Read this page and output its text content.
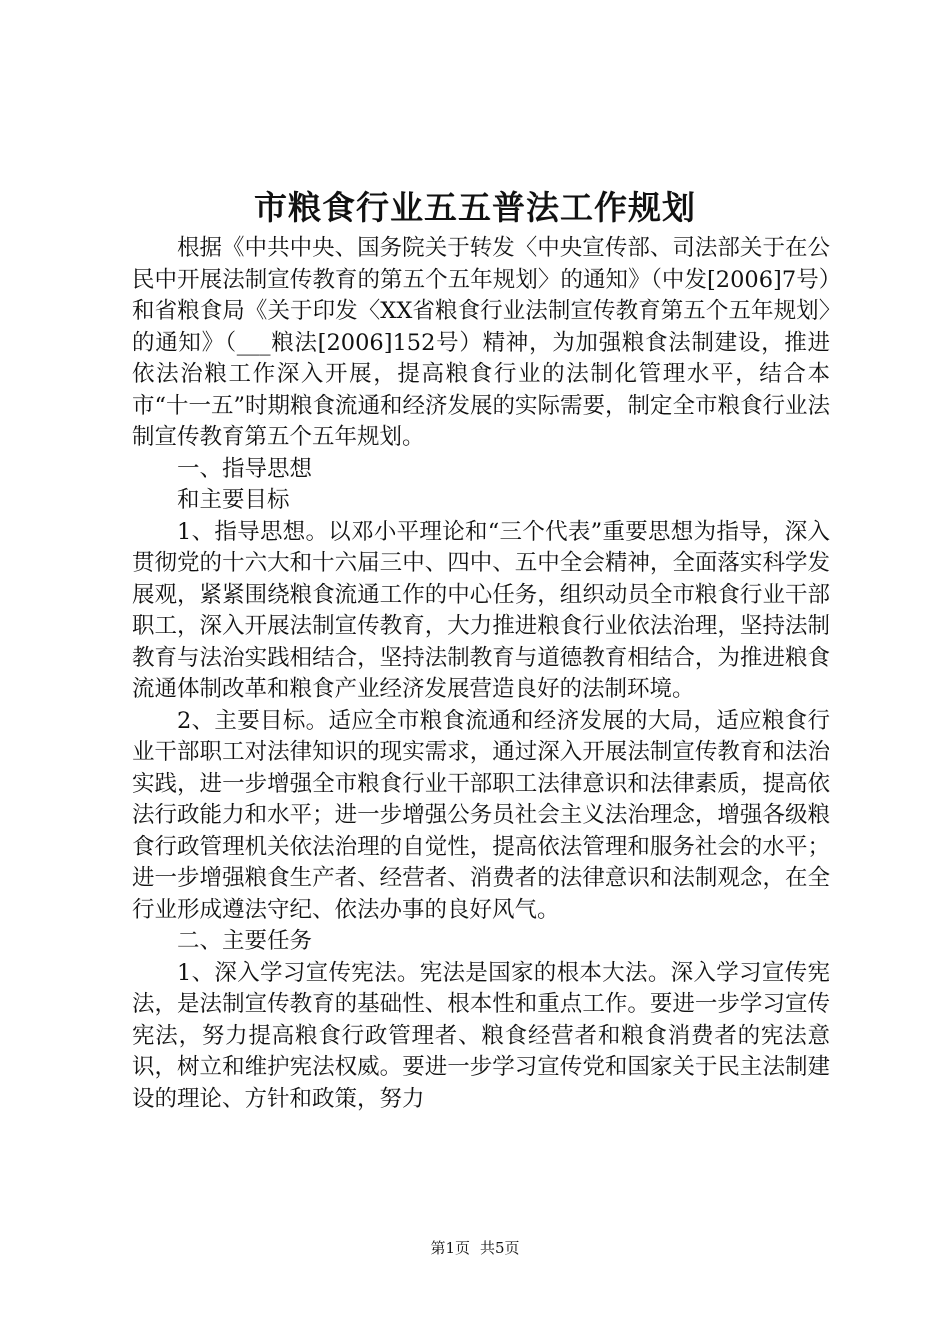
市粮食行业五五普法工作规划

根据《中共中央、国务院关于转发〈中央宣传部、司法部关于在公民中开展法制宣传教育的第五个五年规划〉的通知》（中发[2006]7号）和省粮食局《关于印发〈XX省粮食行业法制宣传教育第五个五年规划〉的通知》（___粮法[2006]152号）精神，为加强粮食法制建设，推进依法治粮工作深入开展，提高粮食行业的法制化管理水平，结合本市“十一五”时期粮食流通和经济发展的实际需要，制定全市粮食行业法制宣传教育第五个五年规划。

一、指导思想

和主要目标

1、指导思想。以邓小平理论和“三个代表”重要思想为指导，深入贯彻党的十六大和十六届三中、四中、五中全会精神，全面落实科学发展观，紧紧围绕粮食流通工作的中心任务，组织动员全市粮食行业干部职工，深入开展法制宣传教育，大力推进粮食行业依法治理，坚持法制教育与法治实践相结合，坚持法制教育与道德教育相结合，为推进粮食流通体制改革和粮食产业经济发展营造良好的法制环境。

2、主要目标。适应全市粮食流通和经济发展的大局，适应粮食行业干部职工对法律知识的现实需求，通过深入开展法制宣传教育和法治实践，进一步增强全市粮食行业干部职工法律意识和法律素质，提高依法行政能力和水平；进一步增强公务员社会主义法治理念，增强各级粮食行政管理机关依法治理的自觉性，提高依法管理和服务社会的水平；进一步增强粮食生产者、经营者、消费者的法律意识和法制观念，在全行业形成遵法守纪、依法办事的良好风气。

二、主要任务

1、深入学习宣传宪法。宪法是国家的根本大法。深入学习宣传宪法，是法制宣传教育的基础性、根本性和重点工作。要进一步学习宣传宪法，努力提高粮食行政管理者、粮食经营者和粮食消费者的宪法意识，树立和维护宪法权威。要进一步学习宣传党和国家关于民主法制建设的理论、方针和政策，努力

第1页 共5页
